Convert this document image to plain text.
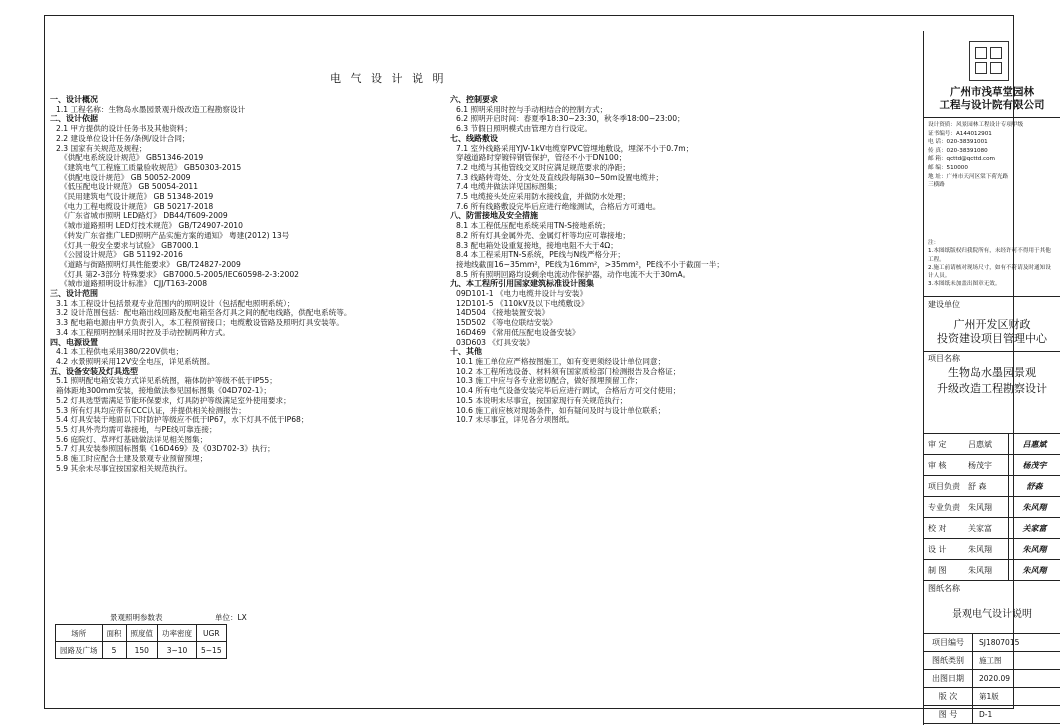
广州市浅草堂园林
工程与设计院有限公司
设计资质：风景园林工程设计专项甲级
证书编号：A144012901
电 话：020-38391001
传 真：020-38391080
邮 箱：qcttd@qcttd.com
邮 编：510000
地 址：广州市天河区棠下荷光路
三横路
注：
1.本图纸版权归我院所有，未经许可不得用于其他工程。
2.施工前请核对现场尺寸，如有不符请及时通知设计人员。
3.本图纸未加盖出图章无效。
建设单位
广州开发区财政
投资建设项目管理中心
项目名称
生物岛水墨园景观
升级改造工程勘察设计
审 定	吕惠斌	吕惠斌
审 核	杨茂宇	杨茂宇
项目负责	舒 森	舒森
专业负责	朱风翔	朱风翔
校 对	关家富	关家富
设 计	朱风翔	朱风翔
制 图	朱风翔	朱风翔
图纸名称
景观电气设计说明
项目编号	SJ1807015
图纸类别	施工图
出图日期	2020.09
版 次	第1版
图 号	D-1
电 气 设 计 说 明
一、设计概况
1.1 工程名称：生物岛水墨园景观升级改造工程勘察设计
二、设计依据
2.1 甲方提供的设计任务书及其他资料；
2.2 建设单位设计任务/条例/设计合同；
2.3 国家有关规范及规程；
《供配电系统设计规范》 GB51346-2019
《建筑电气工程施工质量验收规范》 GB50303-2015
《供配电设计规范》 GB 50052-2009
《低压配电设计规范》 GB 50054-2011
《民用建筑电气设计规范》 GB 51348-2019
《电力工程电缆设计规范》 GB 50217-2018
《广东省城市照明 LED路灯》 DB44/T609-2009
《城市道路照明 LED灯技术规范》 GB/T24907-2010
《转发广东省推广LED照明产品实施方案的通知》 粤建(2012) 13号
《灯具一般安全要求与试验》 GB7000.1
《公园设计规范》 GB 51192-2016
《道路与街路照明灯具性能要求》 GB/T24827-2009
《灯具 第2-3部分 特殊要求》 GB7000.5-2005/IEC60598-2-3:2002
《城市道路照明设计标准》 CJJ/T163-2008
三、设计范围
3.1 本工程设计包括景观专业范围内的照明设计（包括配电照明系统）；
3.2 设计范围包括：配电箱出线回路及配电箱至各灯具之间的配电线路，供配电系统等。
3.3 配电箱电源由甲方负责引入，本工程预留接口；电缆敷设管路及照明灯具安装等。
3.4 本工程照明控制采用时控及手动控制两种方式。
四、电源设置
4.1 本工程供电采用380/220V供电；
4.2 水景照明采用12V安全电压，详见系统图。
五、设备安装及灯具选型
5.1 照明配电箱安装方式详见系统图，箱体防护等级不低于IP55；
箱体距地300mm安装，接地做法参见国标图集《04D702-1》；
5.2 灯具选型需满足节能环保要求，灯具防护等级满足室外使用要求；
5.3 所有灯具均应带有CCC认证，并提供相关检测报告；
5.4 灯具安装于地面以下时防护等级应不低于IP67，水下灯具不低于IP68；
5.5 灯具外壳均需可靠接地，与PE线可靠连接；
5.6 庭院灯、草坪灯基础做法详见相关图集；
5.7 灯具安装参照国标图集《16D469》及《03D702-3》执行；
5.8 施工时应配合土建及景观专业预留预埋；
5.9 其余未尽事宜按国家相关规范执行。
六、控制要求
6.1 照明采用时控与手动相结合的控制方式；
6.2 照明开启时间：春夏季18:30~23:30，秋冬季18:00~23:00；
6.3 节假日照明模式由管理方自行设定。
七、线路敷设
7.1 室外线路采用YJV-1kV电缆穿PVC管埋地敷设，埋深不小于0.7m；
穿越道路时穿镀锌钢管保护，管径不小于DN100；
7.2 电缆与其他管线交叉时应满足规范要求的净距；
7.3 线路转弯处、分支处及直线段每隔30~50m设置电缆井；
7.4 电缆井做法详见国标图集；
7.5 电缆接头处应采用防水接线盒，并做防水处理；
7.6 所有线路敷设完毕后应进行绝缘测试，合格后方可通电。
八、防雷接地及安全措施
8.1 本工程低压配电系统采用TN-S接地系统；
8.2 所有灯具金属外壳、金属灯杆等均应可靠接地；
8.3 配电箱处设重复接地，接地电阻不大于4Ω；
8.4 本工程采用TN-S系统，PE线与N线严格分开；
接地线截面16~35mm²，PE线为16mm²，>35mm²，PE线不小于截面一半；
8.5 所有照明回路均设剩余电流动作保护器，动作电流不大于30mA。
九、本工程所引用国家建筑标准设计图集
09D101-1 《电力电缆井设计与安装》
12D101-5 《110kV及以下电缆敷设》
14D504 《接地装置安装》
15D502 《等电位联结安装》
16D469 《常用低压配电设备安装》
03D603 《灯具安装》
十、其他
10.1 施工单位应严格按图施工，如有变更须经设计单位同意；
10.2 本工程所选设备、材料须有国家质检部门检测报告及合格证；
10.3 施工中应与各专业密切配合，做好预埋预留工作；
10.4 所有电气设备安装完毕后应进行调试，合格后方可交付使用；
10.5 本说明未尽事宜，按国家现行有关规范执行；
10.6 施工前应核对现场条件，如有疑问及时与设计单位联系；
10.7 未尽事宜，详见各分项图纸。
景观照明参数表	单位：LX
场所	面积	照度值	功率密度	UGR
园路及广场	5	150	3~10	5~15
